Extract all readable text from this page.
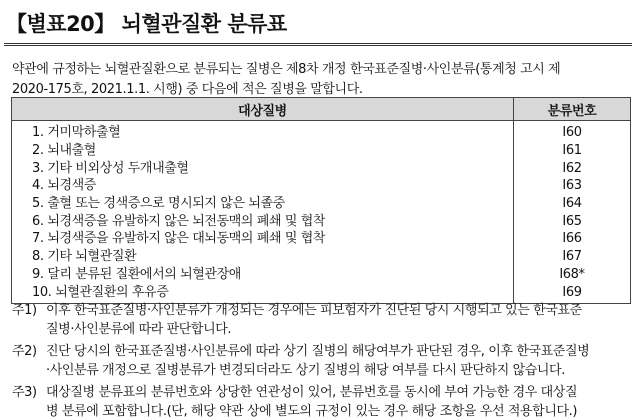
【별표20】 뇌혈관질환 분류표
약관에 규정하는 뇌혈관질환으로 분류되는 질병은 제8차 개정 한국표준질병·사인분류(통계청 고시 제
2020-175호, 2021.1.1. 시행) 중 다음에 적은 질병을 말합니다.
대상질병	분류번호
1. 거미막하출혈	I60
2. 뇌내출혈	I61
3. 기타 비외상성 두개내출혈	I62
4. 뇌경색증	I63
5. 출혈 또는 경색증으로 명시되지 않은 뇌졸중	I64
6. 뇌경색증을 유발하지 않은 뇌전동맥의 폐쇄 및 협착	I65
7. 뇌경색증을 유발하지 않은 대뇌동맥의 폐쇄 및 협착	I66
8. 기타 뇌혈관질환	I67
9. 달리 분류된 질환에서의 뇌혈관장애	I68*
10. 뇌혈관질환의 후유증	I69
주1) 이후 한국표준질병·사인분류가 개정되는 경우에는 피보험자가 진단된 당시 시행되고 있는 한국표준
질병·사인분류에 따라 판단합니다.
주2) 진단 당시의 한국표준질병·사인분류에 따라 상기 질병의 해당여부가 판단된 경우, 이후 한국표준질병
·사인분류 개정으로 질병분류가 변경되더라도 상기 질병의 해당 여부를 다시 판단하지 않습니다.
주3) 대상질병 분류표의 분류번호와 상당한 연관성이 있어, 분류번호를 동시에 부여 가능한 경우 대상질
병 분류에 포함합니다.(단, 해당 약관 상에 별도의 규정이 있는 경우 해당 조항을 우선 적용합니다.)
